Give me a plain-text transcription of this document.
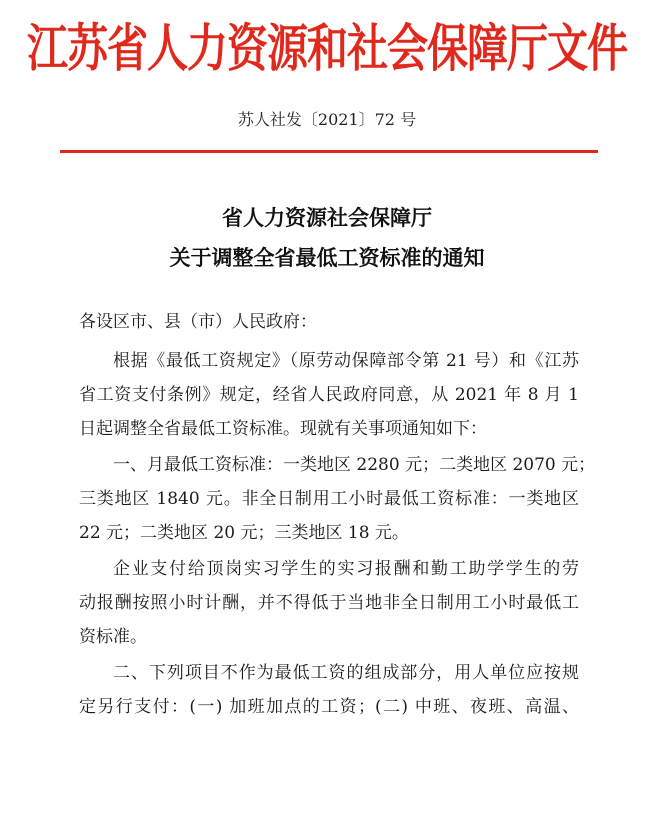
江苏省人力资源和社会保障厅文件
苏人社发〔2021〕72 号
省人力资源社会保障厅
关于调整全省最低工资标准的通知
各设区市、县（市）人民政府：
根据《最低工资规定》（原劳动保障部令第 21 号）和《江苏
省工资支付条例》规定，经省人民政府同意，从 2021 年 8 月 1
日起调整全省最低工资标准。现就有关事项通知如下：
一、月最低工资标准：一类地区 2280 元；二类地区 2070 元；
三类地区 1840 元。非全日制用工小时最低工资标准：一类地区
22 元；二类地区 20 元；三类地区 18 元。
企业支付给顶岗实习学生的实习报酬和勤工助学学生的劳
动报酬按照小时计酬，并不得低于当地非全日制用工小时最低工
资标准。
二、下列项目不作为最低工资的组成部分，用人单位应按规
定另行支付：(一) 加班加点的工资；(二) 中班、夜班、高温、
